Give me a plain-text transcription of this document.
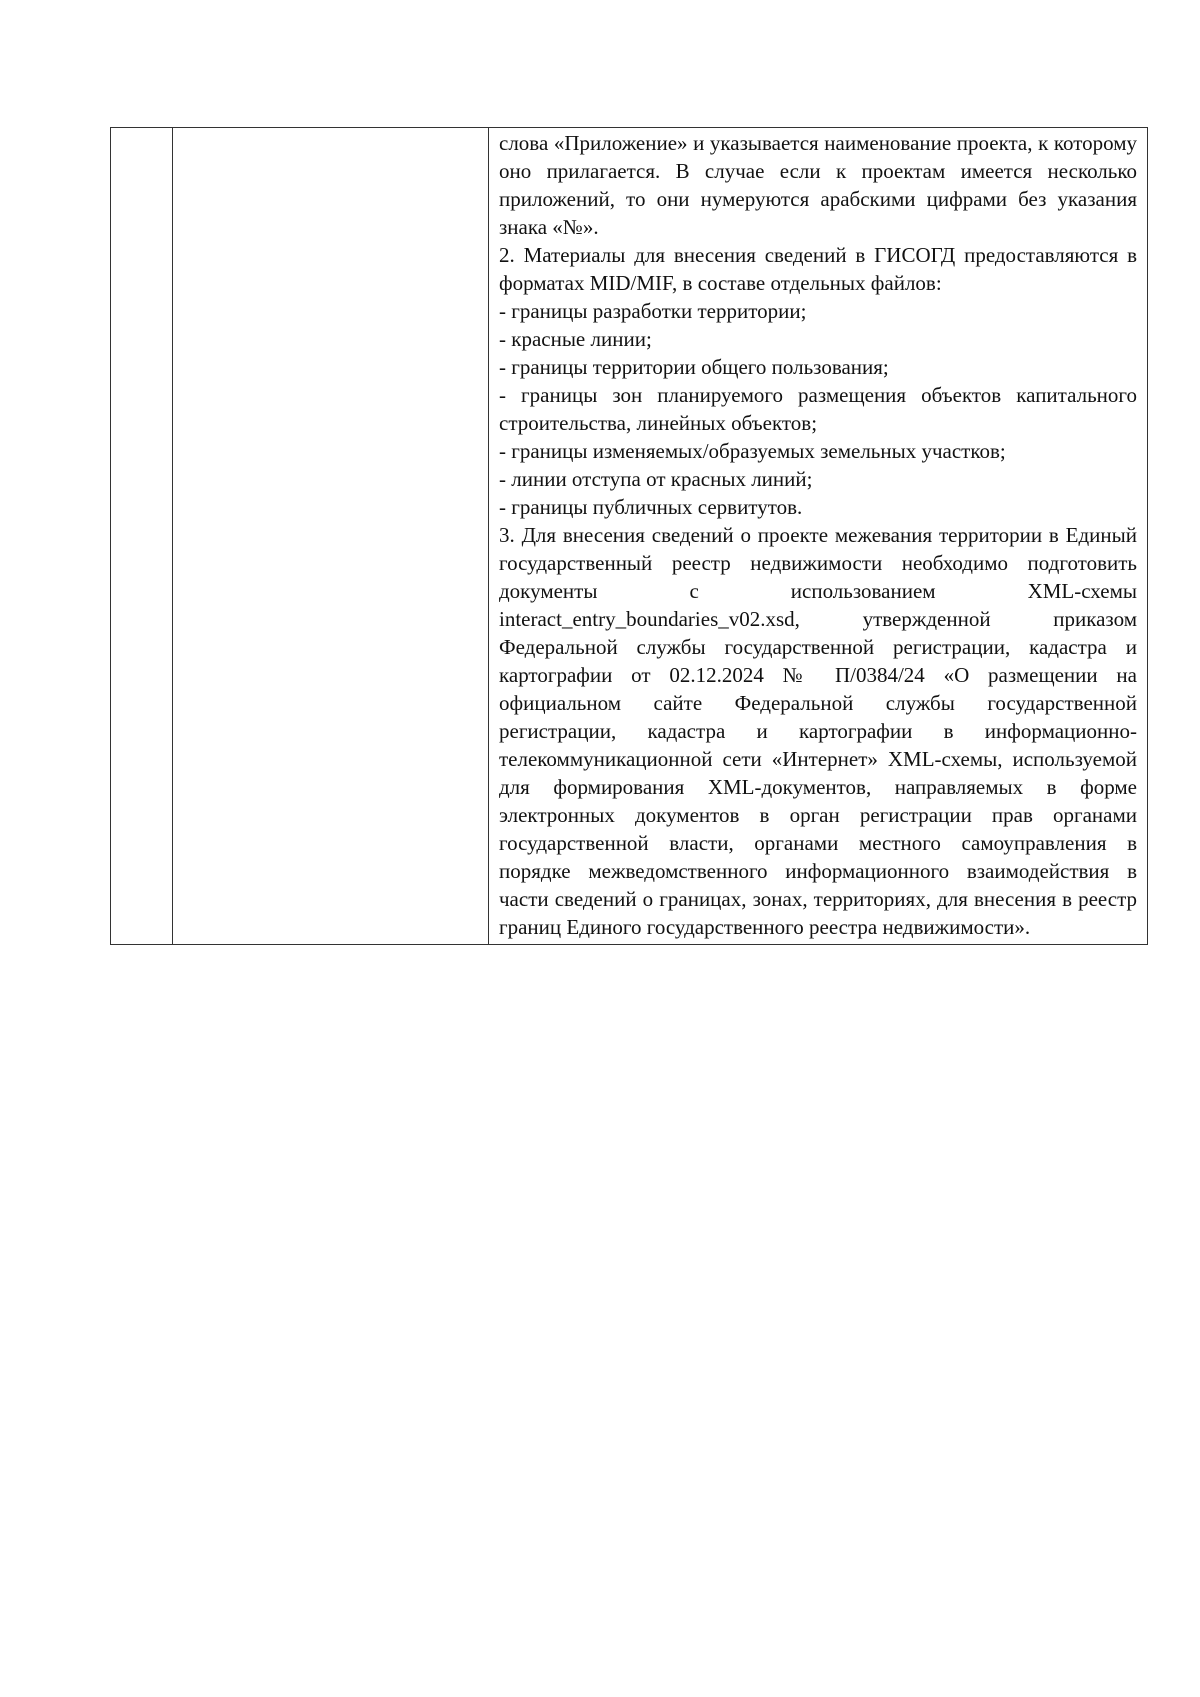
слова «Приложение» и указывается наименование проекта, к которому оно прилагается. В случае если к проектам имеется несколько приложений, то они нумеруются арабскими цифрами без указания знака «№».

2. Материалы для внесения сведений в ГИСОГД предоставляются в форматах MID/MIF, в составе отдельных файлов:

- границы разработки территории;

- красные линии;

- границы территории общего пользования;

- границы зон планируемого размещения объектов капитального строительства, линейных объектов;

- границы изменяемых/образуемых земельных участков;

- линии отступа от красных линий;

- границы публичных сервитутов.

3. Для внесения сведений о проекте межевания территории в Единый государственный реестр недвижимости необходимо подготовить документы с использованием XML-схемы interact_entry_boundaries_v02.xsd, утвержденной приказом Федеральной службы государственной регистрации, кадастра и картографии от 02.12.2024 № П/0384/24 «О размещении на официальном сайте Федеральной службы государственной регистрации, кадастра и картографии в информационно-телекоммуникационной сети «Интернет» XML-схемы, используемой для формирования XML-документов, направляемых в форме электронных документов в орган регистрации прав органами государственной власти, органами местного самоуправления в порядке межведомственного информационного взаимодействия в части сведений о границах, зонах, территориях, для внесения в реестр границ Единого государственного реестра недвижимости».
